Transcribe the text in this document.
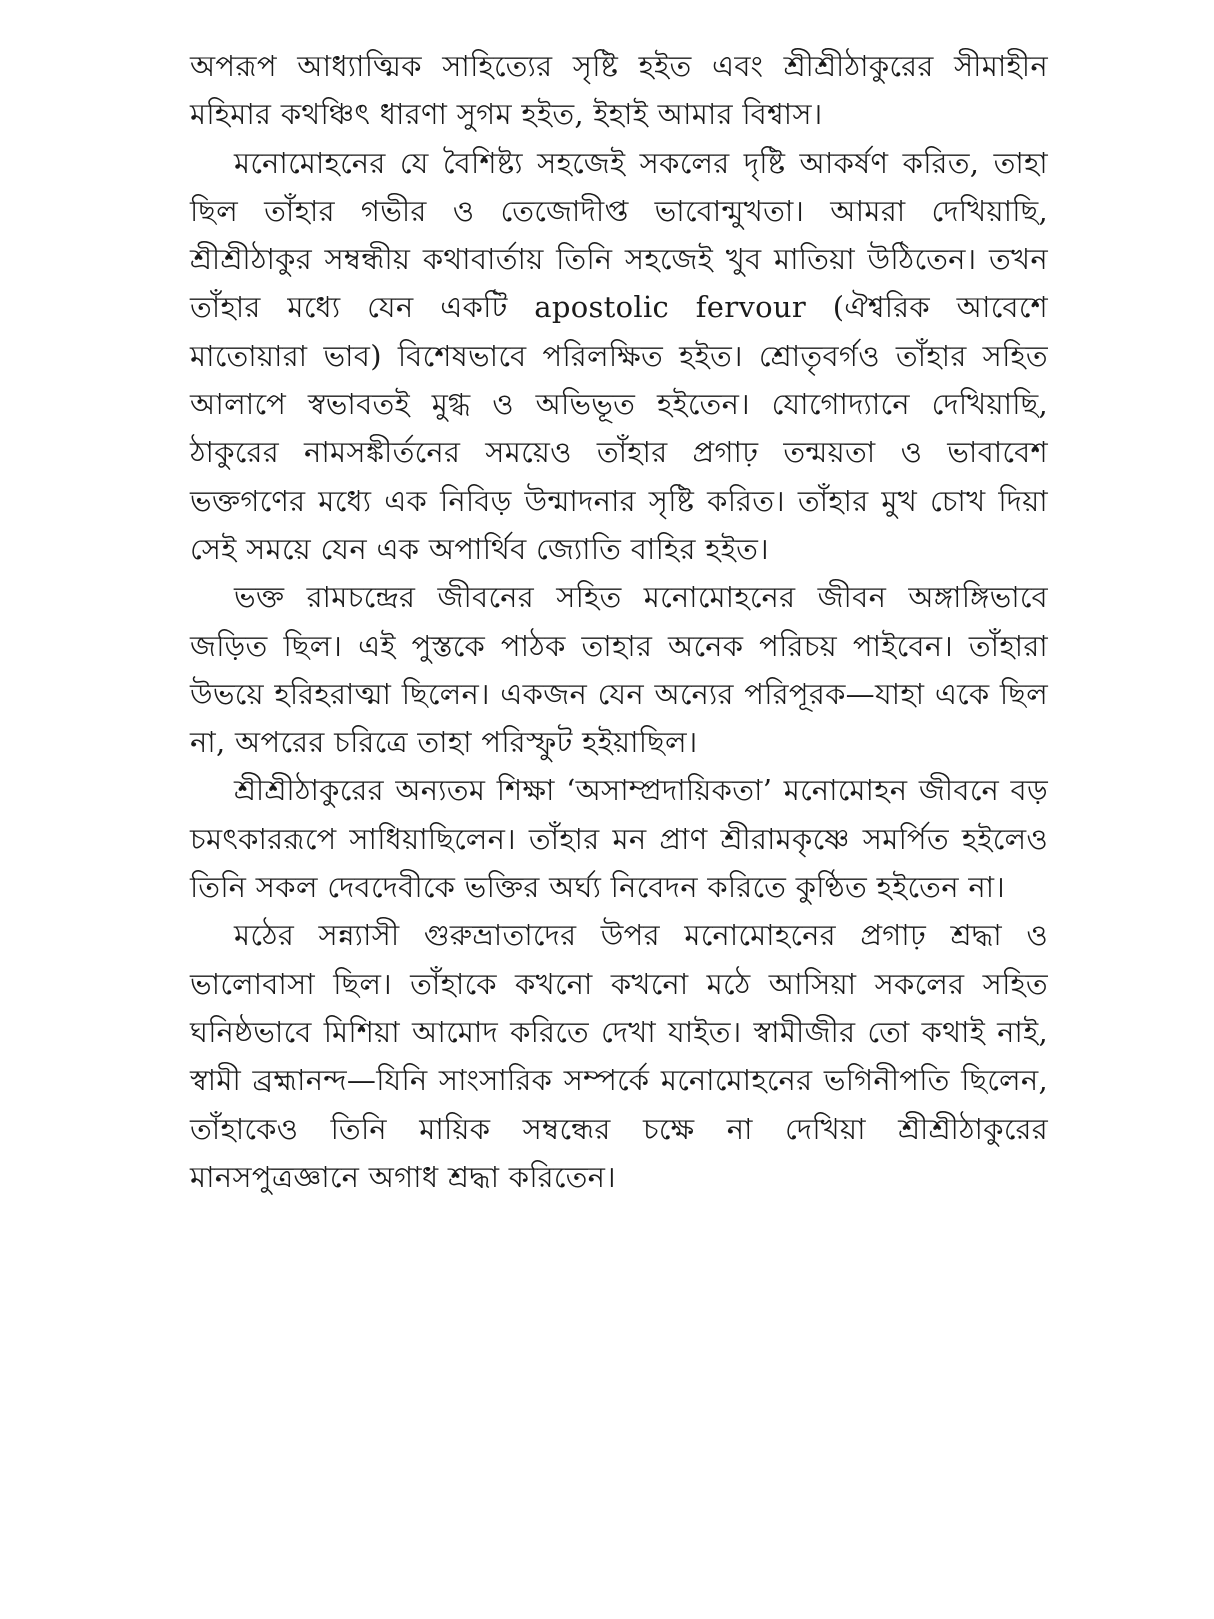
অপরূপ আধ্যাত্মিক সাহিত্যের সৃষ্টি হইত এবং শ্রীশ্রীঠাকুরের সীমাহীন মহিমার কথঞ্চিৎ ধারণা সুগম হইত, ইহাই আমার বিশ্বাস।

মনোমোহনের যে বৈশিষ্ট্য সহজেই সকলের দৃষ্টি আকর্ষণ করিত, তাহা ছিল তাঁহার গভীর ও তেজোদীপ্ত ভাবোন্মুখতা। আমরা দেখিয়াছি, শ্রীশ্রীঠাকুর সম্বন্ধীয় কথাবার্তায় তিনি সহজেই খুব মাতিয়া উঠিতেন। তখন তাঁহার মধ্যে যেন একটি apostolic fervour (ঐশ্বরিক আবেশে মাতোয়ারা ভাব) বিশেষভাবে পরিলক্ষিত হইত। শ্রোতৃবর্গও তাঁহার সহিত আলাপে স্বভাবতই মুগ্ধ ও অভিভূত হইতেন। যোগোদ্যানে দেখিয়াছি, ঠাকুরের নামসঙ্কীর্তনের সময়েও তাঁহার প্রগাঢ় তন্ময়তা ও ভাবাবেশ ভক্তগণের মধ্যে এক নিবিড় উন্মাদনার সৃষ্টি করিত। তাঁহার মুখ চোখ দিয়া সেই সময়ে যেন এক অপার্থিব জ্যোতি বাহির হইত।

ভক্ত রামচন্দ্রের জীবনের সহিত মনোমোহনের জীবন অঙ্গাঙ্গিভাবে জড়িত ছিল। এই পুস্তকে পাঠক তাহার অনেক পরিচয় পাইবেন। তাঁহারা উভয়ে হরিহরাত্মা ছিলেন। একজন যেন অন্যের পরিপূরক—যাহা একে ছিল না, অপরের চরিত্রে তাহা পরিস্ফুট হইয়াছিল।

শ্রীশ্রীঠাকুরের অন্যতম শিক্ষা ‘অসাম্প্রদায়িকতা’ মনোমোহন জীবনে বড় চমৎকাররূপে সাধিয়াছিলেন। তাঁহার মন প্রাণ শ্রীরামকৃষ্ণে সমর্পিত হইলেও তিনি সকল দেবদেবীকে ভক্তির অর্ঘ্য নিবেদন করিতে কুণ্ঠিত হইতেন না।

মঠের সন্ন্যাসী গুরুভ্রাতাদের উপর মনোমোহনের প্রগাঢ় শ্রদ্ধা ও ভালোবাসা ছিল। তাঁহাকে কখনো কখনো মঠে আসিয়া সকলের সহিত ঘনিষ্ঠভাবে মিশিয়া আমোদ করিতে দেখা যাইত। স্বামীজীর তো কথাই নাই, স্বামী ব্রহ্মানন্দ—যিনি সাংসারিক সম্পর্কে মনোমোহনের ভগিনীপতি ছিলেন, তাঁহাকেও তিনি মায়িক সম্বন্ধের চক্ষে না দেখিয়া শ্রীশ্রীঠাকুরের মানসপুত্রজ্ঞানে অগাধ শ্রদ্ধা করিতেন।
